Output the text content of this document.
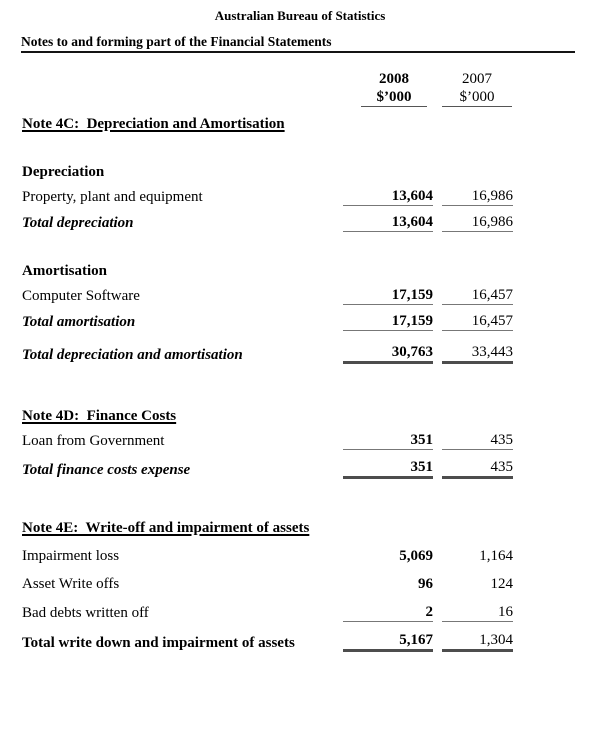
Australian Bureau of Statistics
Notes to and forming part of the Financial Statements
2008
$’000
2007
$’000
Note 4C:  Depreciation and Amortisation
Depreciation
Property, plant and equipment	13,604	16,986
Total depreciation	13,604	16,986
Amortisation
Computer Software	17,159	16,457
Total amortisation	17,159	16,457
Total depreciation and amortisation	30,763	33,443
Note 4D:  Finance Costs
Loan from Government	351	435
Total finance costs expense	351	435
Note 4E:  Write-off and impairment of assets
Impairment loss	5,069	1,164
Asset Write offs	96	124
Bad debts written off	2	16
Total write down and impairment of assets	5,167	1,304
